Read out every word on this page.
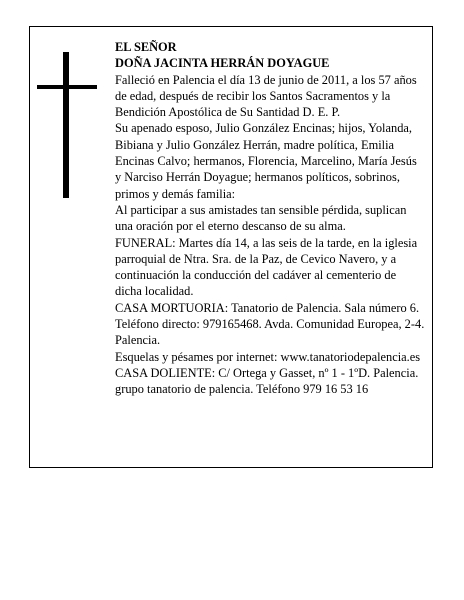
EL SEÑOR

DOÑA JACINTA HERRÁN DOYAGUE

Falleció en Palencia el día 13 de junio de 2011, a los 57 años de edad, después de recibir los Santos Sacramentos y la Bendición Apostólica de Su Santidad D. E. P.

Su apenado esposo, Julio González Encinas; hijos, Yolanda, Bibiana y Julio González Herrán, madre política, Emilia Encinas Calvo; hermanos, Florencia, Marcelino, María Jesús y Narciso Herrán Doyague; hermanos políticos, sobrinos, primos y demás familia:

Al participar a sus amistades tan sensible pérdida, suplican una oración por el eterno descanso de su alma.

FUNERAL: Martes día 14, a las seis de la tarde, en la iglesia parroquial de Ntra. Sra. de la Paz, de Cevico Navero, y a continuación la conducción del cadáver al cementerio de dicha localidad.

CASA MORTUORIA: Tanatorio de Palencia. Sala número 6. Teléfono directo: 979165468. Avda. Comunidad Europea, 2-4. Palencia.

Esquelas y pésames por internet: www.tanatoriodepalencia.es

CASA DOLIENTE: C/ Ortega y Gasset, nº 1 - 1ºD. Palencia.

grupo tanatorio de palencia. Teléfono 979 16 53 16
